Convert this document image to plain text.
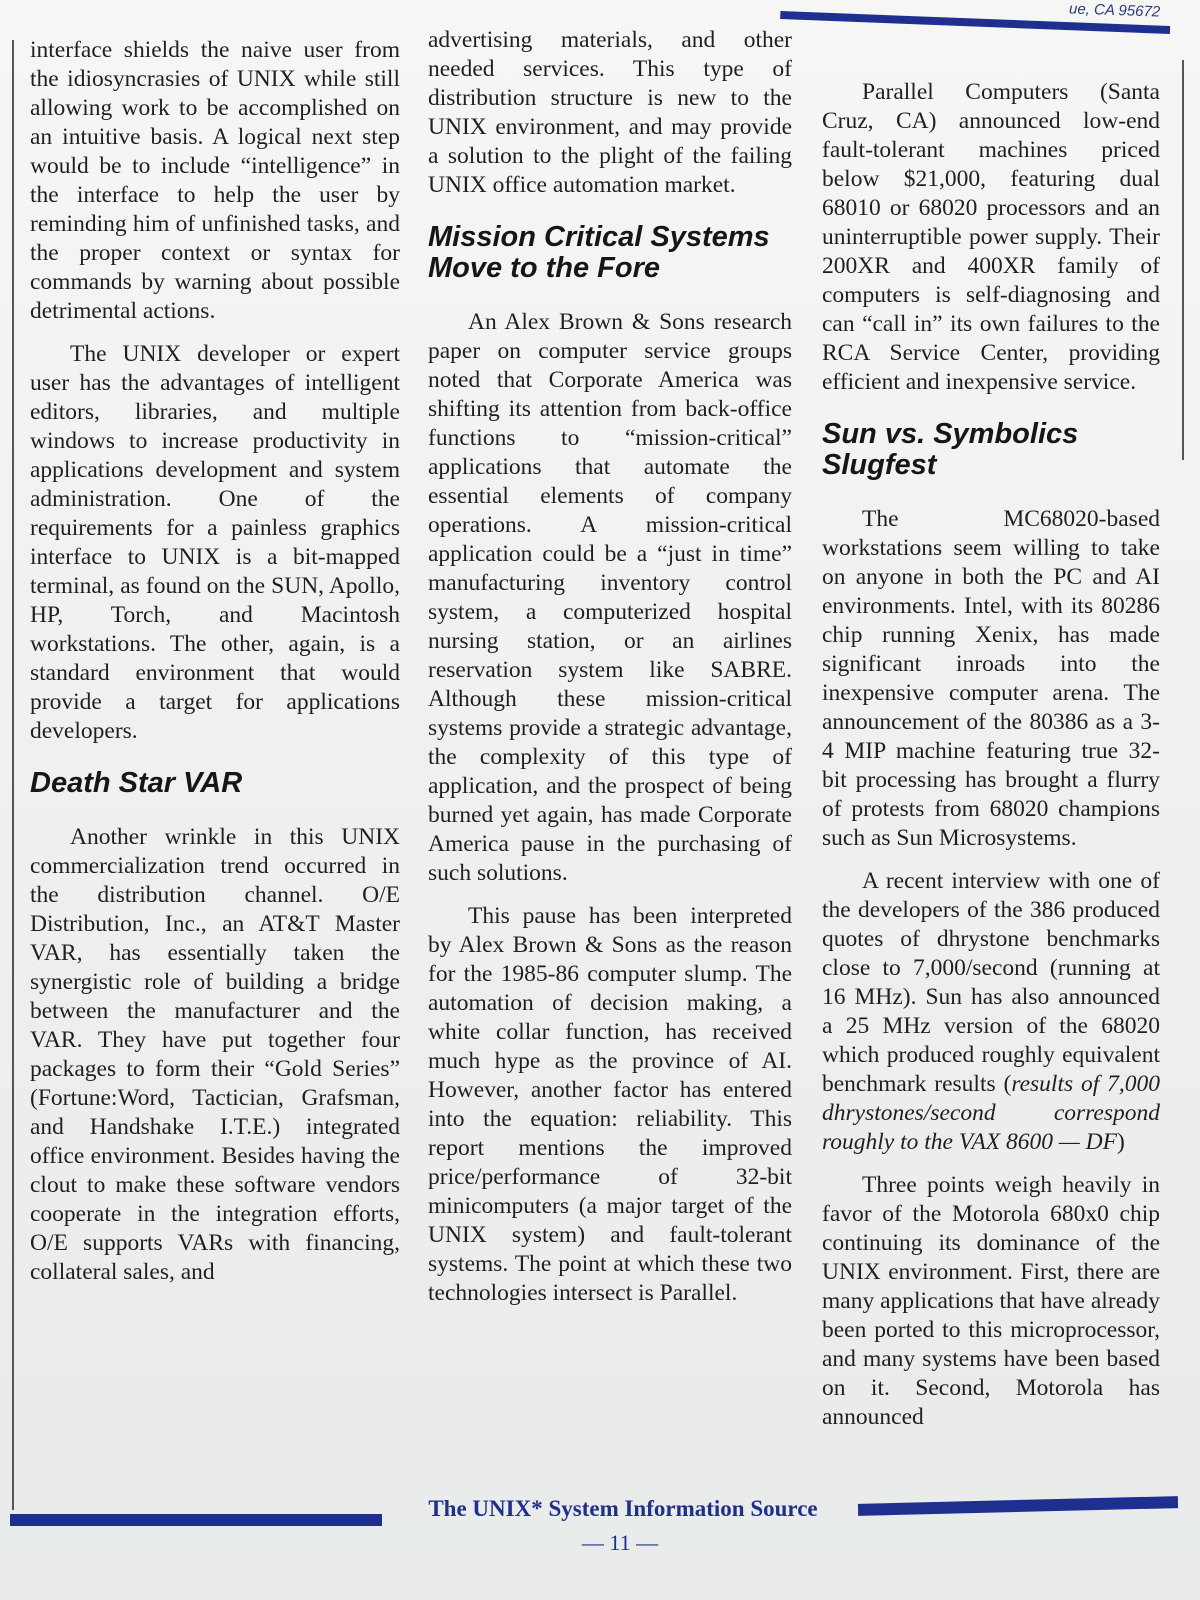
ue, CA 95672

interface shields the naive user from the idiosyncrasies of UNIX while still allowing work to be accomplished on an intuitive basis. A logical next step would be to include “intelligence” in the interface to help the user by reminding him of unfinished tasks, and the proper context or syntax for commands by warning about possible detrimental actions.

The UNIX developer or expert user has the advantages of intelligent editors, libraries, and multiple windows to increase productivity in applications development and system administration. One of the requirements for a painless graphics interface to UNIX is a bit-mapped terminal, as found on the SUN, Apollo, HP, Torch, and Macintosh workstations. The other, again, is a standard environment that would provide a target for applications developers.

Death Star VAR

Another wrinkle in this UNIX commercialization trend occurred in the distribution channel. O/E Distribution, Inc., an AT&T Master VAR, has essentially taken the synergistic role of building a bridge between the manufacturer and the VAR. They have put together four packages to form their “Gold Series” (Fortune:Word, Tactician, Grafsman, and Handshake I.T.E.) integrated office environment. Besides having the clout to make these software vendors cooperate in the integration efforts, O/E supports VARs with financing, collateral sales, and

advertising materials, and other needed services. This type of distribution structure is new to the UNIX environment, and may provide a solution to the plight of the failing UNIX office automation market.

Mission Critical Systems Move to the Fore

An Alex Brown & Sons research paper on computer service groups noted that Corporate America was shifting its attention from back-office functions to “mission-critical” applications that automate the essential elements of company operations. A mission-critical application could be a “just in time” manufacturing inventory control system, a computerized hospital nursing station, or an airlines reservation system like SABRE. Although these mission-critical systems provide a strategic advantage, the complexity of this type of application, and the prospect of being burned yet again, has made Corporate America pause in the purchasing of such solutions.

This pause has been interpreted by Alex Brown & Sons as the reason for the 1985-86 computer slump. The automation of decision making, a white collar function, has received much hype as the province of AI. However, another factor has entered into the equation: reliability. This report mentions the improved price/performance of 32-bit minicomputers (a major target of the UNIX system) and fault-tolerant systems. The point at which these two technologies intersect is Parallel.

Parallel Computers (Santa Cruz, CA) announced low-end fault-tolerant machines priced below $21,000, featuring dual 68010 or 68020 processors and an uninterruptible power supply. Their 200XR and 400XR family of computers is self-diagnosing and can “call in” its own failures to the RCA Service Center, providing efficient and inexpensive service.

Sun vs. Symbolics Slugfest

The MC68020-based workstations seem willing to take on anyone in both the PC and AI environments. Intel, with its 80286 chip running Xenix, has made significant inroads into the inexpensive computer arena. The announcement of the 80386 as a 3-4 MIP machine featuring true 32-bit processing has brought a flurry of protests from 68020 champions such as Sun Microsystems.

A recent interview with one of the developers of the 386 produced quotes of dhrystone benchmarks close to 7,000/second (running at 16 MHz). Sun has also announced a 25 MHz version of the 68020 which produced roughly equivalent benchmark results (results of 7,000 dhrystones/second correspond roughly to the VAX 8600 — DF)

Three points weigh heavily in favor of the Motorola 680x0 chip continuing its dominance of the UNIX environment. First, there are many applications that have already been ported to this microprocessor, and many systems have been based on it. Second, Motorola has announced

The UNIX* System Information Source
— 11 —
